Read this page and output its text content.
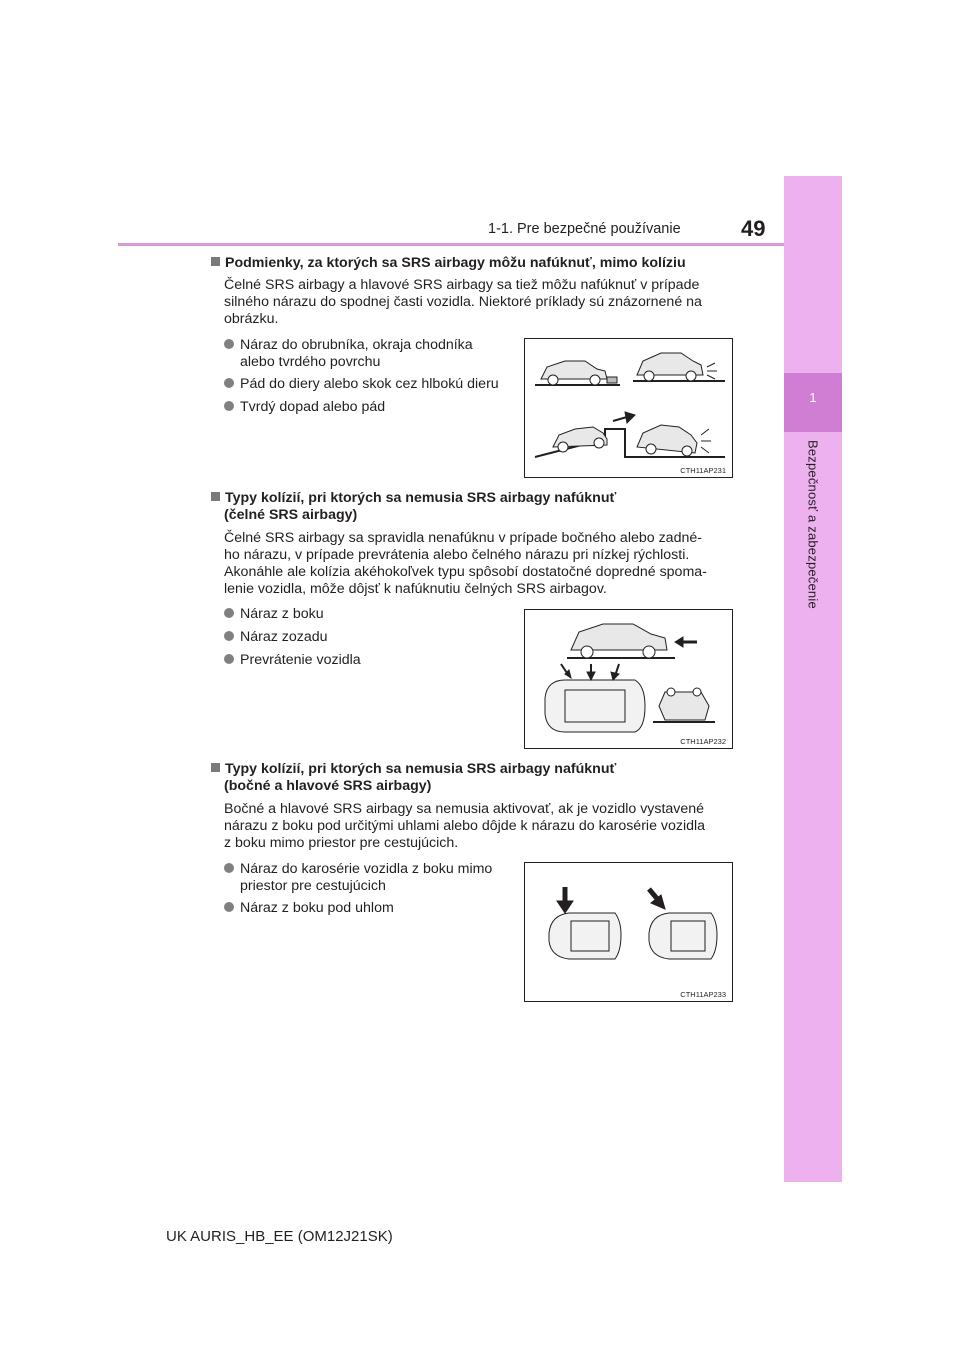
1-1. Pre bezpečné používanie	49
1
Bezpečnosť a zabezpečenie
Podmienky, za ktorých sa SRS airbagy môžu nafúknuť, mimo kolíziu
Čelné SRS airbagy a hlavové SRS airbagy sa tiež môžu nafúknuť v prípade
silného nárazu do spodnej časti vozidla. Niektoré príklady sú znázornené na
obrázku.
Náraz do obrubníka, okraja chodníka
alebo tvrdého povrchu
Pád do diery alebo skok cez hlbokú dieru
Tvrdý dopad alebo pád
CTH11AP231
Typy kolízií, pri ktorých sa nemusia SRS airbagy nafúknuť
(čelné SRS airbagy)
Čelné SRS airbagy sa spravidla nenafúknu v prípade bočného alebo zadné-
ho nárazu, v prípade prevrátenia alebo čelného nárazu pri nízkej rýchlosti.
Akonáhle ale kolízia akéhokoľvek typu spôsobí dostatočné dopredné spoma-
lenie vozidla, môže dôjsť k nafúknutiu čelných SRS airbagov.
Náraz z boku
Náraz zozadu
Prevrátenie vozidla
CTH11AP232
Typy kolízií, pri ktorých sa nemusia SRS airbagy nafúknuť
(bočné a hlavové SRS airbagy)
Bočné a hlavové SRS airbagy sa nemusia aktivovať, ak je vozidlo vystavené
nárazu z boku pod určitými uhlami alebo dôjde k nárazu do karosérie vozidla
z boku mimo priestor pre cestujúcich.
Náraz do karosérie vozidla z boku mimo
priestor pre cestujúcich
Náraz z boku pod uhlom
CTH11AP233
UK AURIS_HB_EE (OM12J21SK)
